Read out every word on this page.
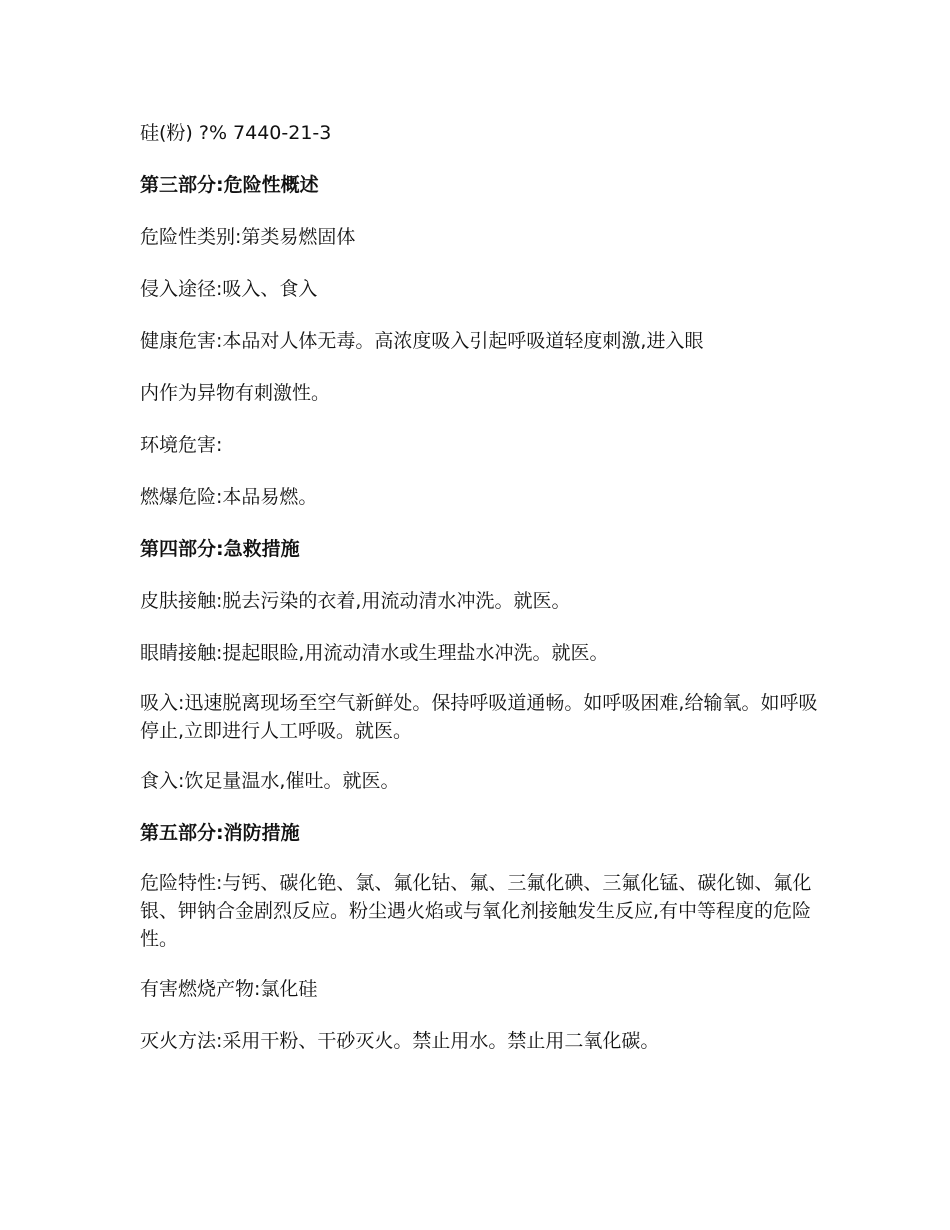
硅(粉) ?% 7440-21-3
第三部分:危险性概述
危险性类别:第类易燃固体
侵入途径:吸入、食入
健康危害:本品对人体无毒。高浓度吸入引起呼吸道轻度刺激,进入眼
内作为异物有刺激性。
环境危害:
燃爆危险:本品易燃。
第四部分:急救措施
皮肤接触:脱去污染的衣着,用流动清水冲洗。就医。
眼睛接触:提起眼睑,用流动清水或生理盐水冲洗。就医。
吸入:迅速脱离现场至空气新鲜处。保持呼吸道通畅。如呼吸困难,给输氧。如呼吸停止,立即进行人工呼吸。就医。
食入:饮足量温水,催吐。就医。
第五部分:消防措施
危险特性:与钙、碳化铯、氯、氟化钴、氟、三氟化碘、三氟化锰、碳化铷、氟化银、钾钠合金剧烈反应。粉尘遇火焰或与氧化剂接触发生反应,有中等程度的危险性。
有害燃烧产物:氯化硅
灭火方法:采用干粉、干砂灭火。禁止用水。禁止用二氧化碳。
